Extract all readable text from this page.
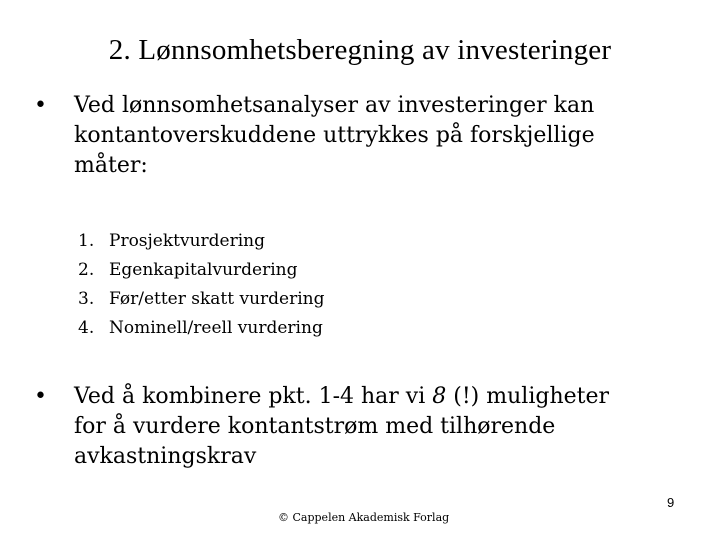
2. Lønnsomhetsberegning av investeringer
•	Ved lønnsomhetsanalyser av investeringer kan kontantoverskuddene uttrykkes på forskjellige måter:
1. Prosjektvurdering
2. Egenkapitalvurdering
3. Før/etter skatt vurdering
4. Nominell/reell vurdering
•	Ved å kombinere pkt. 1-4 har vi 8 (!) muligheter for å vurdere kontantstrøm med tilhørende avkastningskrav
© Cappelen Akademisk Forlag
9
